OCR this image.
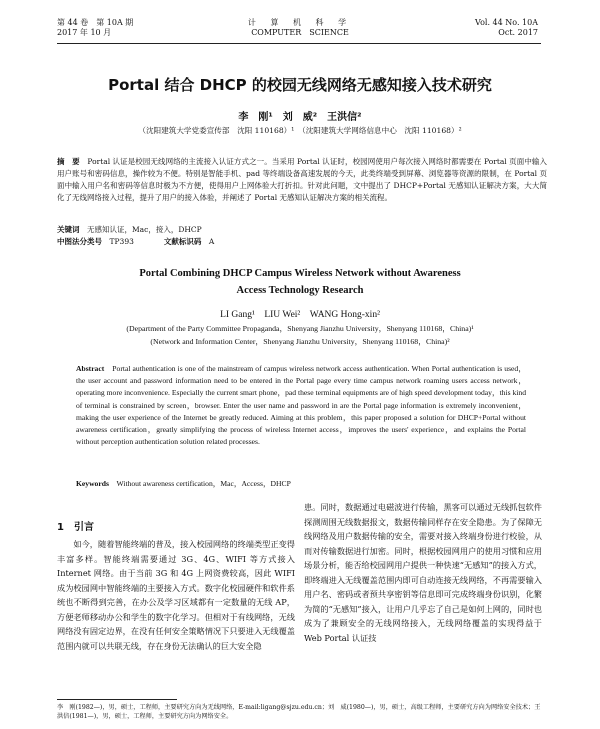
第 44 卷　第 10A 期
2017 年 10 月
计 算 机 科 学
COMPUTER　SCIENCE
Vol. 44 No. 10A
Oct. 2017
Portal 结合 DHCP 的校园无线网络无感知接入技术研究
李　刚¹　刘　威²　王洪信²
（沈阳建筑大学党委宣传部　沈阳 110168）¹　（沈阳建筑大学网络信息中心　沈阳 110168）²
摘　要　 Portal 认证是校园无线网络的主流接入认证方式之一。当采用 Portal 认证时，校园网使用户每次接入网络时都需要在 Portal 页面中输入用户账号和密码信息，操作较为不便。特别是智能手机、pad 等终端设备高速发展的今天，此类终端受到屏幕、浏览器等资源的限制，在 Portal 页面中输入用户名和密码等信息时极为不方便，使得用户上网体验大打折扣。针对此问题，文中提出了 DHCP+Portal 无感知认证解决方案，大大简化了无线网络接入过程，提升了用户的接入体验，并阐述了 Portal 无感知认证解决方案的相关流程。
关键词　 无感知认证，Mac，接入，DHCP
中图法分类号　 TP393　　　　	文献标识码　 A
Portal Combining DHCP Campus Wireless Network without Awareness
Access Technology Research
LI Gang¹　LIU Wei²　WANG Hong-xin²
(Department of the Party Committee Propaganda，Shenyang Jianzhu University，Shenyang 110168，China)¹
(Network and Information Center，Shenyang Jianzhu University，Shenyang 110168，China)²
Abstract　 Portal authentication is one of the mainstream of campus wireless network access authentication. When Portal authentication is used，the user account and password information need to be entered in the Portal page every time campus network roaming users access network，operating more inconvenience. Especially the current smart phone，pad these terminal equipments are of high speed development today，this kind of terminal is constrained by screen，browser. Enter the user name and password in are the Portal page information is extremely inconvenient，making the user experience of the Internet be greatly reduced. Aiming at this problem，this paper proposed a solution for DHCP+Portal without awareness certification，greatly simplifying the process of wireless Internet access，improves the users' experience，and explains the Portal without perception authentication solution related processes.
Keywords　 Without awareness certification，Mac，Access，DHCP
1　引言
如今，随着智能终端的普及，接入校园网络的终端类型正变得丰富多样。智能终端需要通过 3G、4G、WIFI 等方式接入 Internet 网络。由于当前 3G 和 4G 上网资费较高，因此 WIFI 成为校园网中智能终端的主要接入方式。数字化校园硬件和软件系统也不断得到完善，在办公及学习区域都有一定数量的无线 AP，方便老师移动办公和学生的数字化学习。但相对于有线网络，无线网络没有固定边界，在没有任何安全策略情况下只要进入无线覆盖范围内就可以共联无线，存在身份无法确认的巨大安全隐
患。同时，数据通过电磁波进行传输，黑客可以通过无线抓包软件探测周围无线数据报文，数据传输同样存在安全隐患。为了保障无线网络及用户数据传输的安全，需要对接入终端身份进行校验，从而对传输数据进行加密。同时，根据校园网用户的使用习惯和应用场景分析，能否给校园网用户提供一种快速“无感知”的接入方式，即终端进入无线覆盖范围内即可自动连接无线网络，不再需要输入用户名、密码或者预共享密钥等信息即可完成终端身份识别，化繁为简的“无感知”接入，让用户几乎忘了自己是如何上网的，同时也成为了兼顾安全的无线网络接入，无线网络覆盖的实现得益于 Web Portal 认证技
李　刚(1982—)，男，硕士，工程师，主要研究方向为无线网络，E-mail:ligang@sjzu.edu.cn；刘　威(1980—)，男，硕士，高级工程师，主要研究方向为网络安全技术；王洪信(1981—)，男，硕士，工程师，主要研究方向为网络安全。
